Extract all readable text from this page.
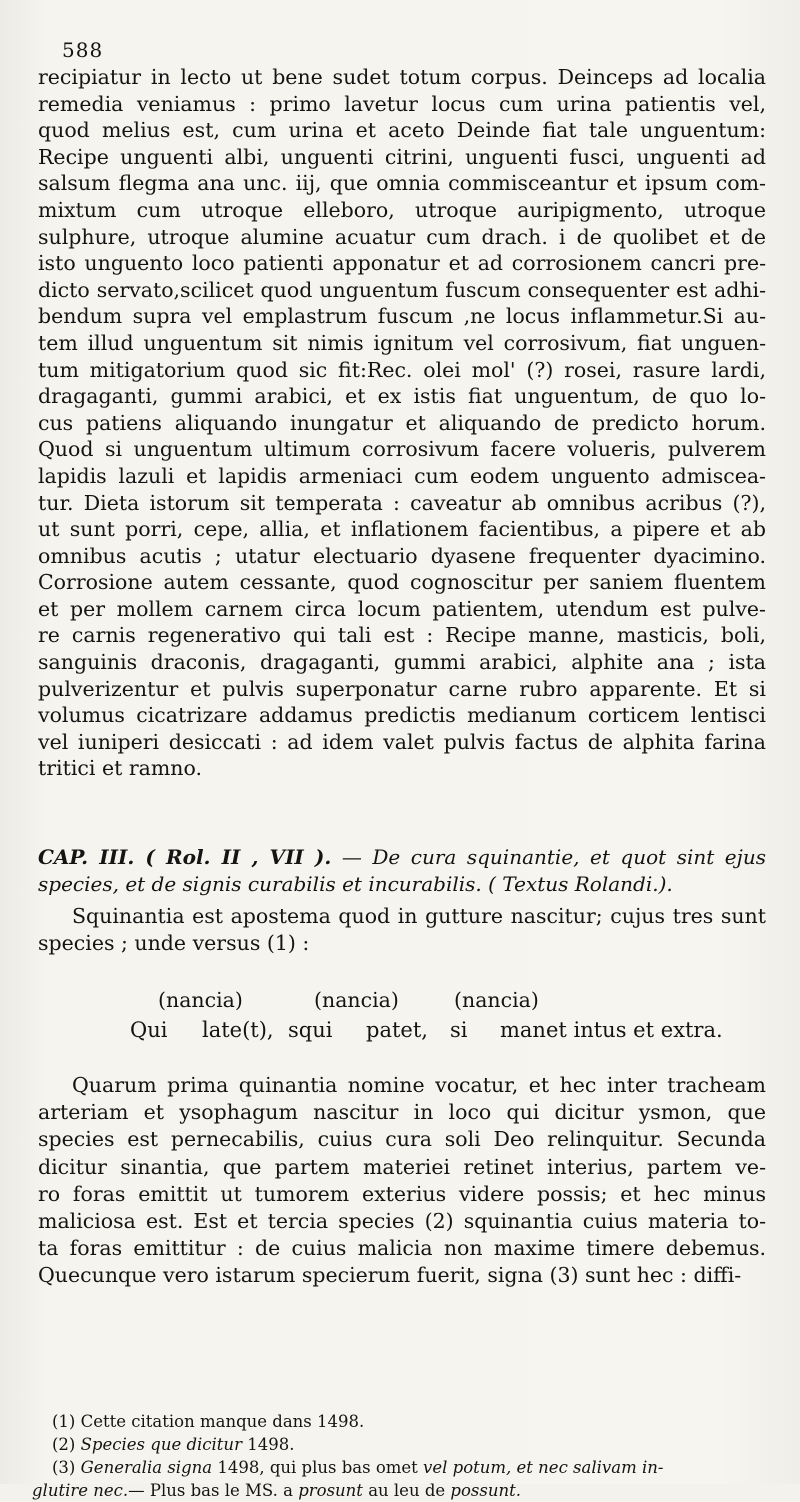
588
recipiatur in lecto ut bene sudet totum corpus. Deinceps ad localia
remedia veniamus : primo lavetur locus cum urina patientis vel,
quod melius est, cum urina et aceto Deinde fiat tale unguentum:
Recipe unguenti albi, unguenti citrini, unguenti fusci, unguenti ad
salsum flegma ana unc. iij, que omnia commisceantur et ipsum com-
mixtum cum utroque elleboro, utroque auripigmento, utroque
sulphure, utroque alumine acuatur cum drach. i de quolibet et de
isto unguento loco patienti apponatur et ad corrosionem cancri pre-
dicto servato,scilicet quod unguentum fuscum consequenter est adhi-
bendum supra vel emplastrum fuscum ,ne locus inflammetur.Si au-
tem illud unguentum sit nimis ignitum vel corrosivum, fiat unguen-
tum mitigatorium quod sic fit:Rec. olei mol' (?) rosei, rasure lardi,
dragaganti, gummi arabici, et ex istis fiat unguentum, de quo lo-
cus patiens aliquando inungatur et aliquando de predicto horum.
Quod si unguentum ultimum corrosivum facere volueris, pulverem
lapidis lazuli et lapidis armeniaci cum eodem unguento admiscea-
tur. Dieta istorum sit temperata : caveatur ab omnibus acribus (?),
ut sunt porri, cepe, allia, et inflationem facientibus, a pipere et ab
omnibus acutis ; utatur electuario dyasene frequenter dyacimino.
Corrosione autem cessante, quod cognoscitur per saniem fluentem
et per mollem carnem circa locum patientem, utendum est pulve-
re carnis regenerativo qui tali est : Recipe manne, masticis, boli,
sanguinis draconis, dragaganti, gummi arabici, alphite ana ; ista
pulverizentur et pulvis superponatur carne rubro apparente. Et si
volumus cicatrizare addamus predictis medianum corticem lentisci
vel iuniperi desiccati : ad idem valet pulvis factus de alphita farina
tritici et ramno.
CAP. III. ( Rol. II , VII ). — De cura squinantie, et quot sint ejus
species, et de signis curabilis et incurabilis. ( Textus Rolandi.).
Squinantia est apostema quod in gutture nascitur; cujus tres sunt
species ; unde versus (1) :
(nancia)	(nancia)	(nancia)
Qui late(t), squi patet, si manet intus et extra.
Quarum prima quinantia nomine vocatur, et hec inter tracheam
arteriam et ysophagum nascitur in loco qui dicitur ysmon, que
species est pernecabilis, cuius cura soli Deo relinquitur. Secunda
dicitur sinantia, que partem materiei retinet interius, partem ve-
ro foras emittit ut tumorem exterius videre possis; et hec minus
maliciosa est. Est et tercia species (2) squinantia cuius materia to-
ta foras emittitur : de cuius malicia non maxime timere debemus.
Quecunque vero istarum specierum fuerit, signa (3) sunt hec : diffi-
(1) Cette citation manque dans 1498.
(2) Species que dicitur 1498.
(3) Generalia signa 1498, qui plus bas omet vel potum, et nec salivam in-
glutire nec.— Plus bas le MS. a prosunt au leu de possunt.
